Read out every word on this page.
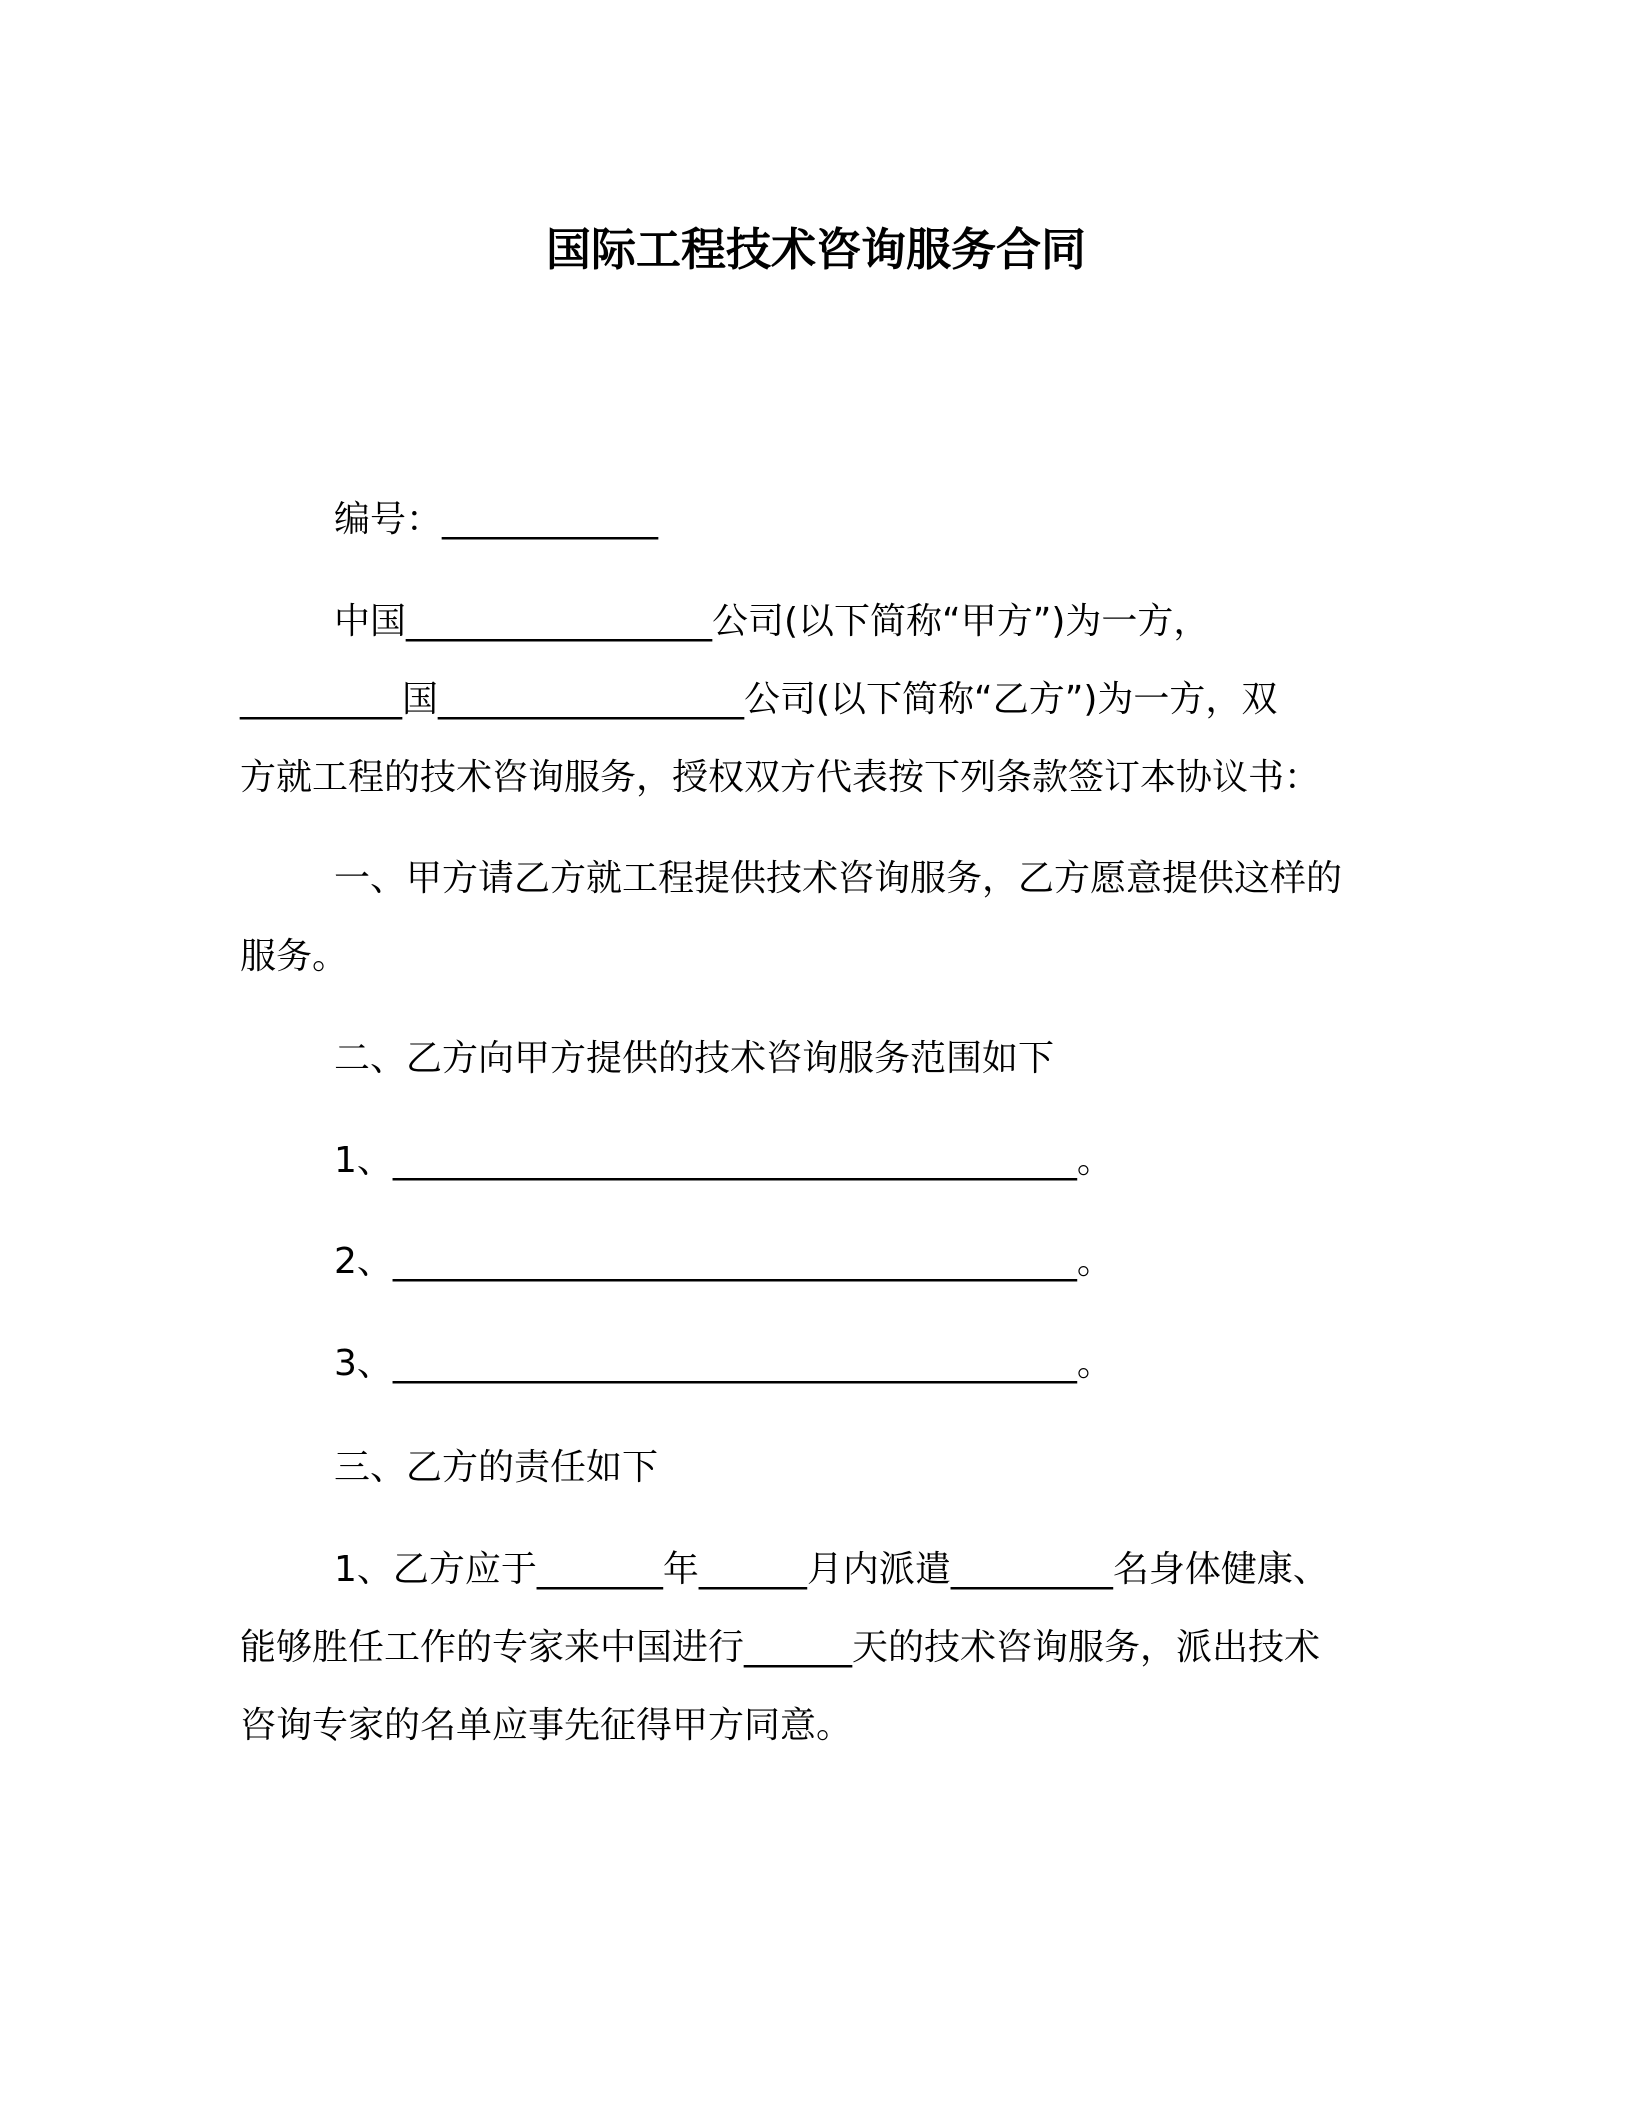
国际工程技术咨询服务合同
编号：____________
中国_________________公司(以下简称“甲方”)为一方，
_________国_________________公司(以下简称“乙方”)为一方，双
方就工程的技术咨询服务，授权双方代表按下列条款签订本协议书：
一、甲方请乙方就工程提供技术咨询服务，乙方愿意提供这样的
服务。
二、乙方向甲方提供的技术咨询服务范围如下
1、______________________________________。
2、______________________________________。
3、______________________________________。
三、乙方的责任如下
1、乙方应于_______年______月内派遣_________名身体健康、
能够胜任工作的专家来中国进行______天的技术咨询服务，派出技术
咨询专家的名单应事先征得甲方同意。
